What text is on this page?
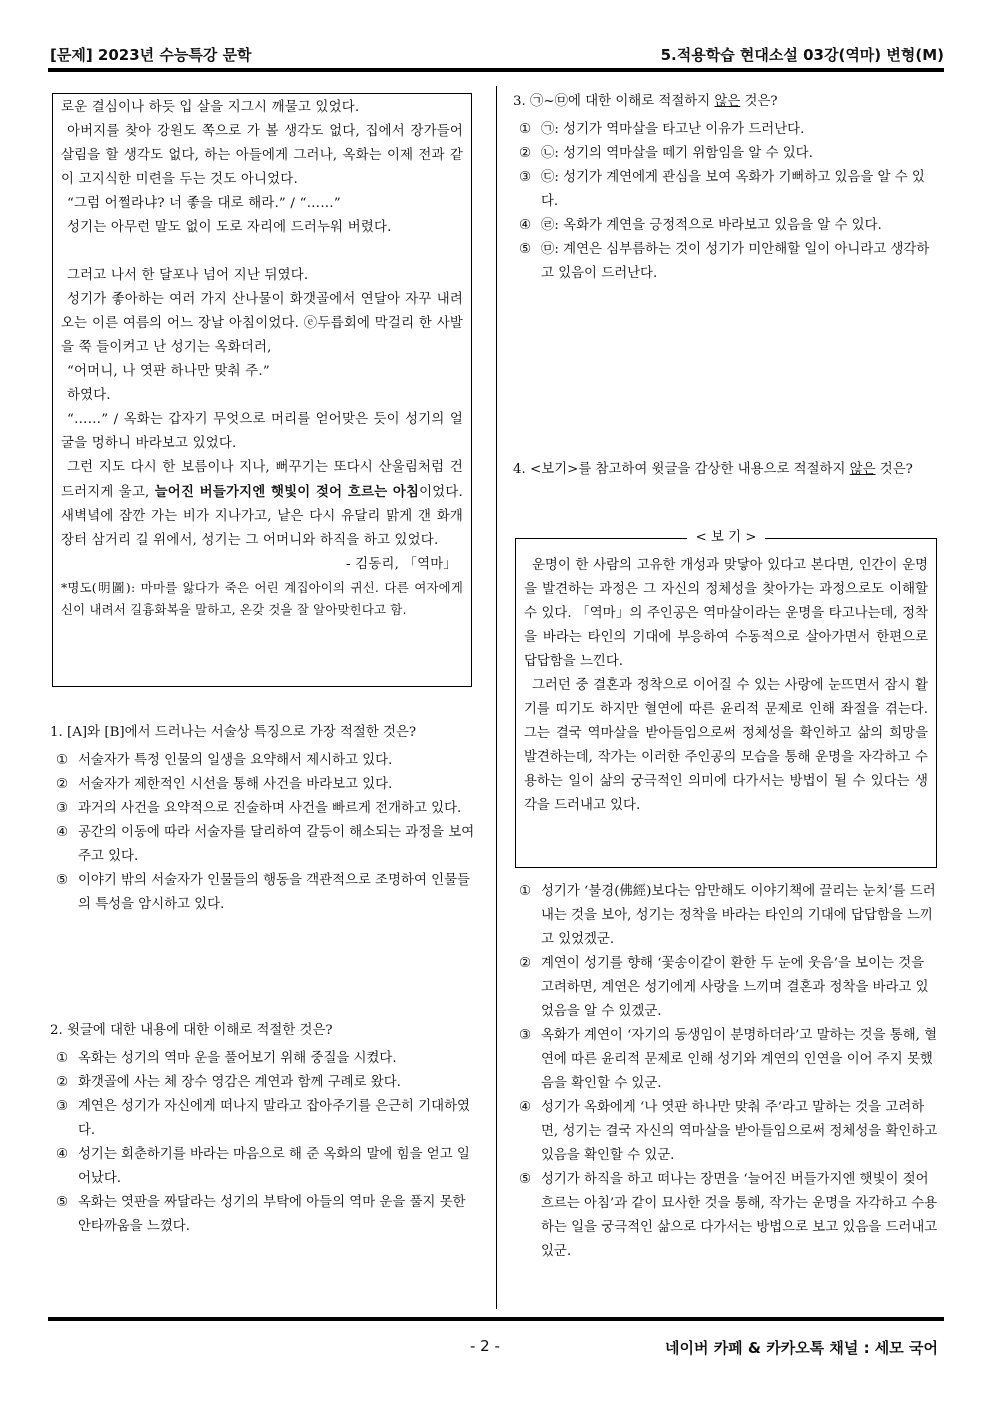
[문제] 2023년 수능특강 문학	5.적용학습 현대소설 03강(역마) 변형(M)

로운 결심이나 하듯 입 살을 지그시 깨물고 있었다.

아버지를 찾아 강원도 쪽으로 가 볼 생각도 없다, 집에서 장가들어 살림을 할 생각도 없다, 하는 아들에게 그러나, 옥화는 이제 전과 같이 고지식한 미련을 두는 것도 아니었다.

“그럼 어쩔라냐? 너 좋을 대로 해라.” / “……”

성기는 아무런 말도 없이 도로 자리에 드러누워 버렸다.

그러고 나서 한 달포나 넘어 지난 뒤였다.

성기가 좋아하는 여러 가지 산나물이 화갯골에서 연달아 자꾸 내려오는 이른 여름의 어느 장날 아침이었다. ⓔ두릅회에 막걸리 한 사발을 쭉 들이켜고 난 성기는 옥화더러,

“어머니, 나 엿판 하나만 맞춰 주.”

하였다.

“……” / 옥화는 갑자기 무엇으로 머리를 얻어맞은 듯이 성기의 얼굴을 멍하니 바라보고 있었다.

그런 지도 다시 한 보름이나 지나, 뻐꾸기는 또다시 산울림처럼 건드러지게 울고, 늘어진 버들가지엔 햇빛이 젖어 흐르는 아침이었다. 새벽녘에 잠깐 가는 비가 지나가고, 낱은 다시 유달리 맑게 갠 화개 장터 삼거리 길 위에서, 성기는 그 어머니와 하직을 하고 있었다.

- 김동리, 「역마」

*명도(明圖): 마마를 앓다가 죽은 어린 계집아이의 귀신. 다른 여자에게 신이 내려서 길흉화복을 말하고, 온갖 것을 잘 알아맞힌다고 함.

1. [A]와 [B]에서 드러나는 서술상 특징으로 가장 적절한 것은?

① 서술자가 특정 인물의 일생을 요약해서 제시하고 있다.
② 서술자가 제한적인 시선을 통해 사건을 바라보고 있다.
③ 과거의 사건을 요약적으로 진술하며 사건을 빠르게 전개하고 있다.
④ 공간의 이동에 따라 서술자를 달리하여 갈등이 해소되는 과정을 보여 주고 있다.
⑤ 이야기 밖의 서술자가 인물들의 행동을 객관적으로 조명하여 인물들의 특성을 암시하고 있다.

2. 윗글에 대한 내용에 대한 이해로 적절한 것은?

① 옥화는 성기의 역마 운을 풀어보기 위해 중질을 시켰다.
② 화갯골에 사는 체 장수 영감은 계연과 함께 구례로 왔다.
③ 계연은 성기가 자신에게 떠나지 말라고 잡아주기를 은근히 기대하였다.
④ 성기는 회춘하기를 바라는 마음으로 해 준 옥화의 말에 힘을 얻고 일어났다.
⑤ 옥화는 엿판을 짜달라는 성기의 부탁에 아들의 역마 운을 풀지 못한 안타까움을 느꼈다.

3. ㉠~㉤에 대한 이해로 적절하지 않은 것은?

① ㉠: 성기가 역마살을 타고난 이유가 드러난다.
② ㉡: 성기의 역마살을 떼기 위함임을 알 수 있다.
③ ㉢: 성기가 계연에게 관심을 보여 옥화가 기뻐하고 있음을 알 수 있다.
④ ㉣: 옥화가 계연을 긍정적으로 바라보고 있음을 알 수 있다.
⑤ ㉤: 계연은 심부름하는 것이 성기가 미안해할 일이 아니라고 생각하고 있음이 드러난다.

4. <보기>를 참고하여 윗글을 감상한 내용으로 적절하지 않은 것은?

< 보 기 >

운명이 한 사람의 고유한 개성과 맞닿아 있다고 본다면, 인간이 운명을 발견하는 과정은 그 자신의 정체성을 찾아가는 과정으로도 이해할 수 있다. 「역마」의 주인공은 역마살이라는 운명을 타고나는데, 정착을 바라는 타인의 기대에 부응하여 수동적으로 살아가면서 한편으로 답답함을 느낀다.

그러던 중 결혼과 정착으로 이어질 수 있는 사랑에 눈뜨면서 잠시 활기를 띠기도 하지만 혈연에 따른 윤리적 문제로 인해 좌절을 겪는다. 그는 결국 역마살을 받아들임으로써 정체성을 확인하고 삶의 희망을 발견하는데, 작가는 이러한 주인공의 모습을 통해 운명을 자각하고 수용하는 일이 삶의 궁극적인 의미에 다가서는 방법이 될 수 있다는 생각을 드러내고 있다.

① 성기가 ‘불경(佛經)보다는 암만해도 이야기책에 끌리는 눈치’를 드러내는 것을 보아, 성기는 정착을 바라는 타인의 기대에 답답함을 느끼고 있었겠군.
② 계연이 성기를 향해 ‘꽃송이같이 환한 두 눈에 웃음’을 보이는 것을 고려하면, 계연은 성기에게 사랑을 느끼며 결혼과 정착을 바라고 있었음을 알 수 있겠군.
③ 옥화가 계연이 ‘자기의 동생임이 분명하더라’고 말하는 것을 통해, 혈연에 따른 윤리적 문제로 인해 성기와 계연의 인연을 이어 주지 못했음을 확인할 수 있군.
④ 성기가 옥화에게 ‘나 엿판 하나만 맞춰 주’라고 말하는 것을 고려하면, 성기는 결국 자신의 역마살을 받아들임으로써 정체성을 확인하고 있음을 확인할 수 있군.
⑤ 성기가 하직을 하고 떠나는 장면을 ‘늘어진 버들가지엔 햇빛이 젖어 흐르는 아침’과 같이 묘사한 것을 통해, 작가는 운명을 자각하고 수용하는 일을 궁극적인 삶으로 다가서는 방법으로 보고 있음을 드러내고 있군.
- 2 -	네이버 카페 & 카카오톡 채널 : 세모 국어
